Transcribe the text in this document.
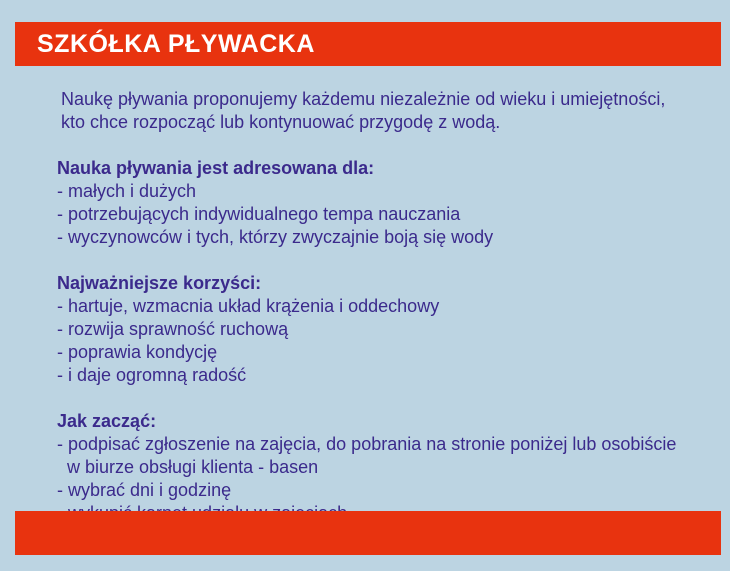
SZKÓŁKA PŁYWACKA

Naukę pływania proponujemy każdemu niezależnie od wieku i umiejętności,

kto chce rozpocząć lub kontynuować przygodę z wodą.

Nauka pływania jest adresowana dla:
- małych i dużych
- potrzebujących indywidualnego tempa nauczania
- wyczynowców i tych, którzy zwyczajnie boją się wody
Najważniejsze korzyści:
- hartuje, wzmacnia układ krążenia i oddechowy
- rozwija sprawność ruchową
- poprawia kondycję
- i daje ogromną radość
Jak zacząć:
- podpisać zgłoszenie na zajęcia, do pobrania na stronie poniżej lub osobiście
w biurze obsługi klienta - basen
- wybrać dni i godzinę
